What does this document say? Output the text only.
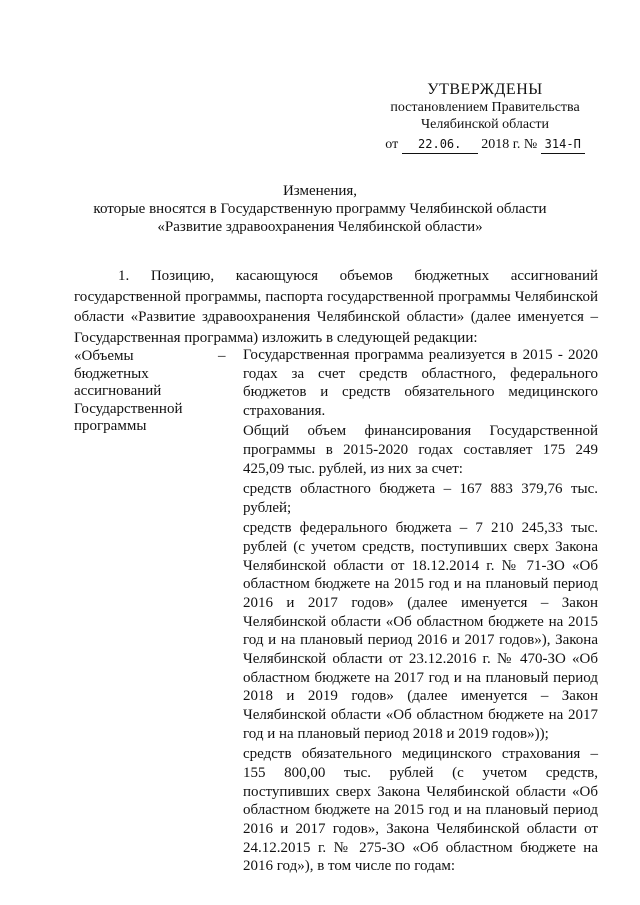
УТВЕРЖДЕНЫ
постановлением Правительства
Челябинской области
от 22.06. 2018 г. № 314-П
Изменения,
которые вносятся в Государственную программу Челябинской области
«Развитие здравоохранения Челябинской области»
1. Позицию, касающуюся объемов бюджетных ассигнований государственной программы, паспорта государственной программы Челябинской области «Развитие здравоохранения Челябинской области» (далее именуется – Государственная программа) изложить в следующей редакции:
«Объемы
бюджетных
ассигнований
Государственной
программы
– Государственная программа реализуется в 2015 - 2020 годах за счет средств областного, федерального бюджетов и средств обязательного медицинского страхования.

Общий объем финансирования Государственной программы в 2015-2020 годах составляет 175 249 425,09 тыс. рублей, из них за счет:

средств областного бюджета – 167 883 379,76 тыс. рублей;

средств федерального бюджета – 7 210 245,33 тыс. рублей (с учетом средств, поступивших сверх Закона Челябинской области от 18.12.2014 г. № 71-ЗО «Об областном бюджете на 2015 год и на плановый период 2016 и 2017 годов» (далее именуется – Закон Челябинской области «Об областном бюджете на 2015 год и на плановый период 2016 и 2017 годов»), Закона Челябинской области от 23.12.2016 г. № 470-ЗО «Об областном бюджете на 2017 год и на плановый период 2018 и 2019 годов» (далее именуется – Закон Челябинской области «Об областном бюджете на 2017 год и на плановый период 2018 и 2019 годов»));

средств обязательного медицинского страхования – 155 800,00 тыс. рублей (с учетом средств, поступивших сверх Закона Челябинской области «Об областном бюджете на 2015 год и на плановый период 2016 и 2017 годов», Закона Челябинской области от 24.12.2015 г. № 275-ЗО «Об областном бюджете на 2016 год»), в том числе по годам:
